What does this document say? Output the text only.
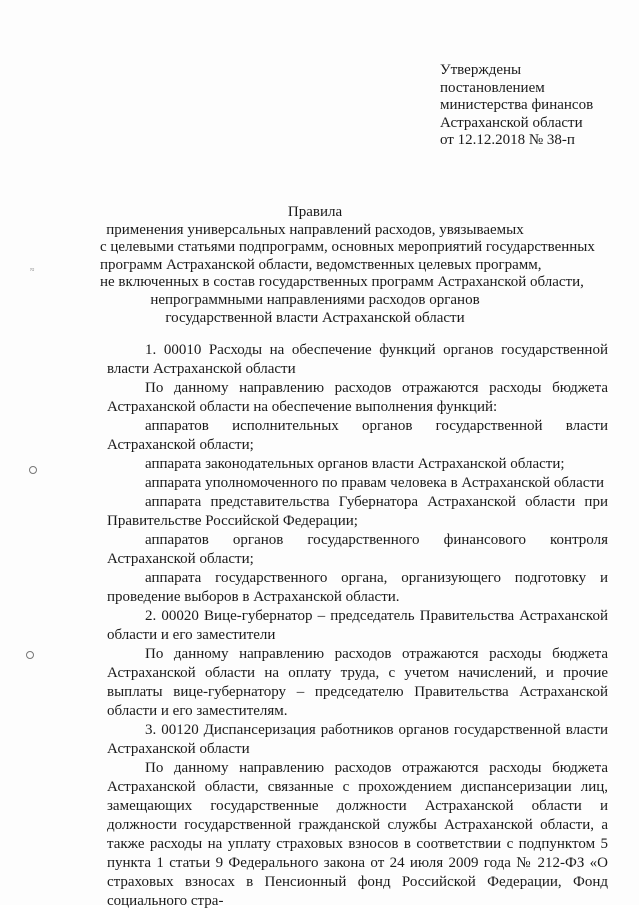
≈
Утверждены
постановлением
министерства финансов
Астраханской области
от 12.12.2018 № 38-п
Правила
применения универсальных направлений расходов, увязываемых
с целевыми статьями подпрограмм, основных мероприятий государственных
программ Астраханской области, ведомственных целевых программ,
не включенных в состав государственных программ Астраханской области,
непрограммными направлениями расходов органов
государственной власти Астраханской области

1. 00010 Расходы на обеспечение функций органов государственной власти Астраханской области

По данному направлению расходов отражаются расходы бюджета Астраханской области на обеспечение выполнения функций:

аппаратов исполнительных органов государственной власти Астраханской области;

аппарата законодательных органов власти Астраханской области;

аппарата уполномоченного по правам человека в Астраханской области

аппарата представительства Губернатора Астраханской области при Правительстве Российской Федерации;

аппаратов органов государственного финансового контроля Астраханской области;

аппарата государственного органа, организующего подготовку и проведение выборов в Астраханской области.

2. 00020 Вице-губернатор – председатель Правительства Астраханской области и его заместители

По данному направлению расходов отражаются расходы бюджета Астраханской области на оплату труда, с учетом начислений, и прочие выплаты вице-губернатору – председателю Правительства Астраханской области и его заместителям.

3. 00120 Диспансеризация работников органов государственной власти Астраханской области

По данному направлению расходов отражаются расходы бюджета Астраханской области, связанные с прохождением диспансеризации лиц, замещающих государственные должности Астраханской области и должности государственной гражданской службы Астраханской области, а также расходы на уплату страховых взносов в соответствии с подпунктом 5 пункта 1 статьи 9 Федерального закона от 24 июля 2009 года № 212-ФЗ «О страховых взносах в Пенсионный фонд Российской Федерации, Фонд социального стра-
